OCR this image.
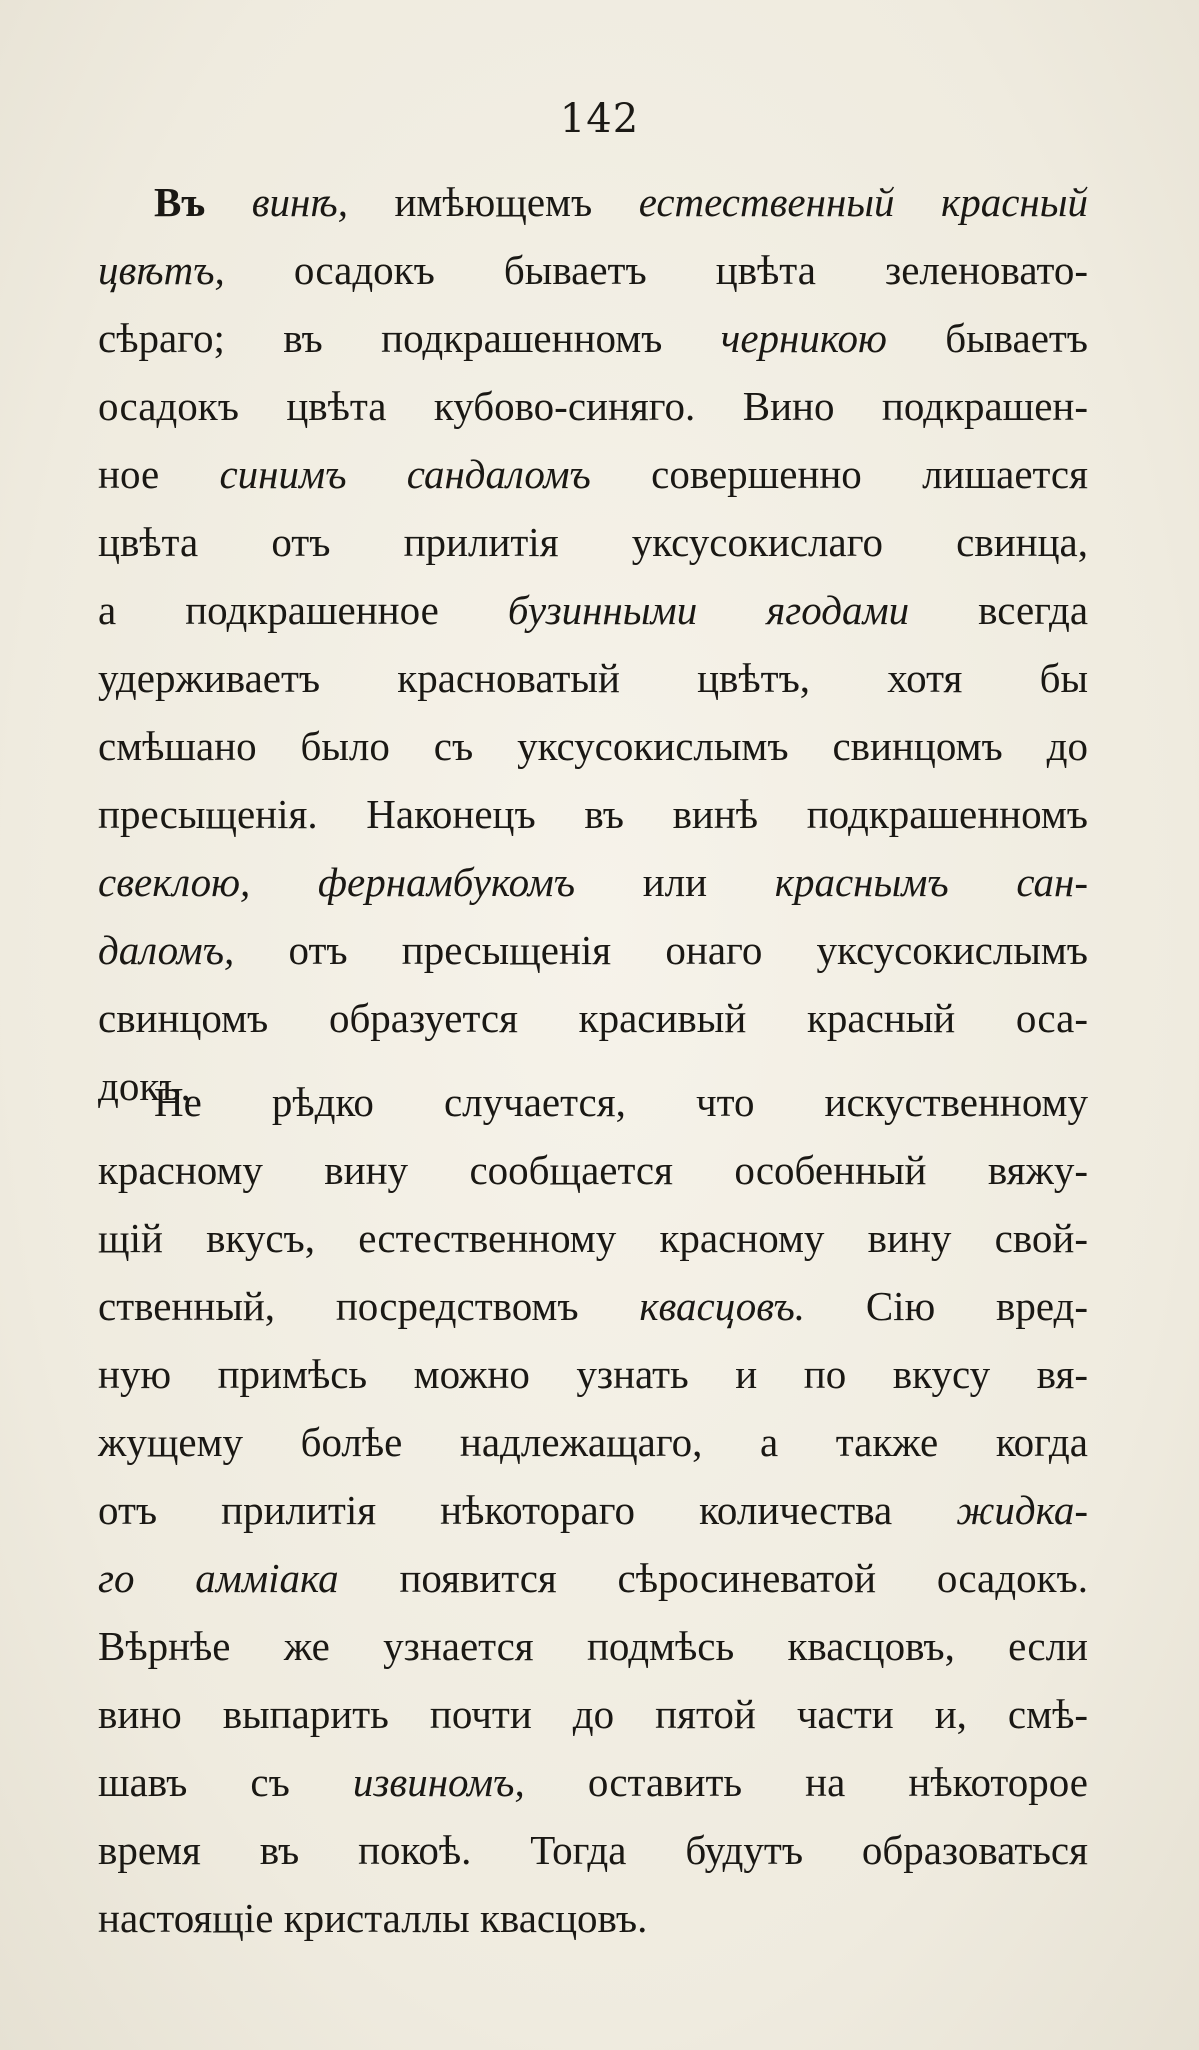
142
Въ винѣ, имѣющемъ естественный красный
цвѣтъ, осадокъ бываетъ цвѣта зеленовато-
сѣраго; въ подкрашенномъ черникою бываетъ
осадокъ цвѣта кубово-синяго. Вино подкрашен-
ное синимъ сандаломъ совершенно лишается
цвѣта отъ прилитія уксусокислаго свинца,
а подкрашенное бузинными ягодами всегда
удерживаетъ красноватый цвѣтъ, хотя бы
смѣшано было съ уксусокислымъ свинцомъ до
пресыщенія. Наконецъ въ винѣ подкрашенномъ
свеклою, фернамбукомъ или краснымъ сан-
даломъ, отъ пресыщенія онаго уксусокислымъ
свинцомъ образуется красивый красный оса-
докъ.
Не рѣдко случается, что искуственному
красному вину сообщается особенный вяжу-
щій вкусъ, естественному красному вину свой-
ственный, посредствомъ квасцовъ. Сію вред-
ную примѣсь можно узнать и по вкусу вя-
жущему болѣе надлежащаго, а также когда
отъ прилитія нѣкотораго количества жидка-
го амміака появится сѣросиневатой осадокъ.
Вѣрнѣе же узнается подмѣсь квасцовъ, если
вино выпарить почти до пятой части и, смѣ-
шавъ съ извиномъ, оставить на нѣкоторое
время въ покоѣ. Тогда будутъ образоваться
настоящіе кристаллы квасцовъ.
